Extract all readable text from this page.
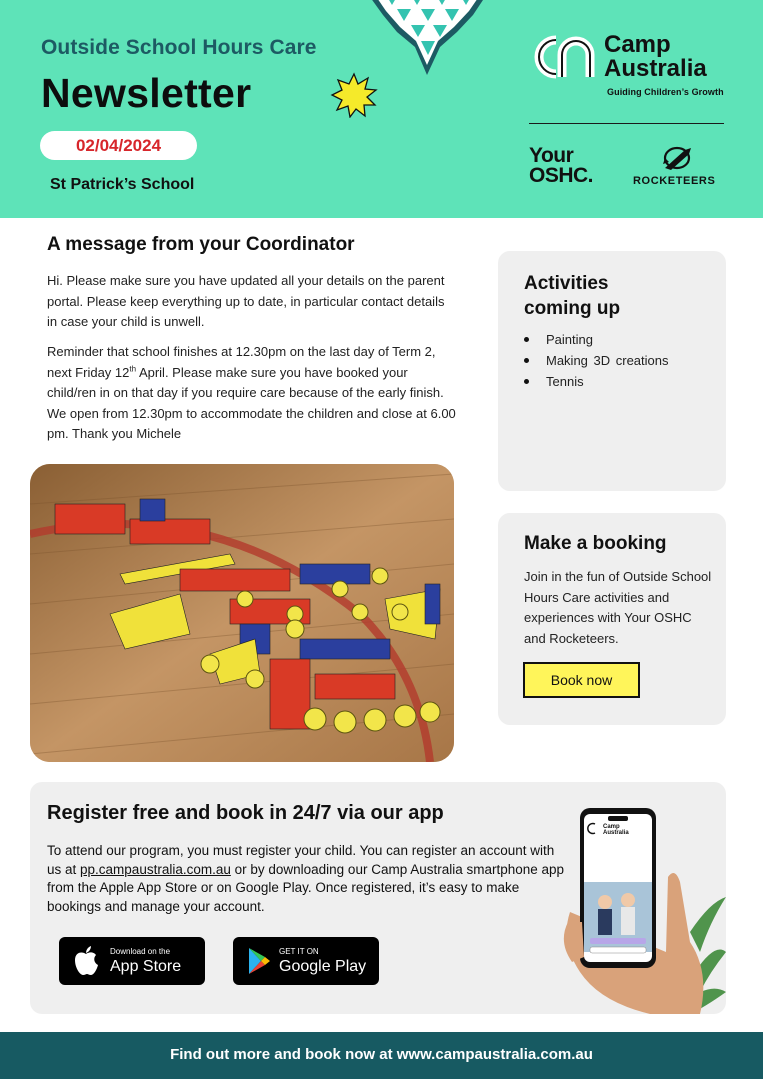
Outside School Hours Care
Newsletter
02/04/2024
St Patrick’s School
Camp
Australia
Guiding Children’s Growth
Your
OSHC.	ROCKETEERS
A message from your Coordinator

Hi. Please make sure you have updated all your details on the parent portal. Please keep everything up to date, in particular contact details in case your child is unwell.

Reminder that school finishes at 12.30pm on the last day of Term 2, next Friday 12th April. Please make sure you have booked your child/ren in on that day if you require care because of the early finish. We open from 12.30pm to accommodate the children and close at 6.00 pm. Thank you Michele

Activities
coming up
Painting
Making 3D creations
Tennis
Make a booking
Join in the fun of Outside School Hours Care activities and experiences with Your OSHC and Rocketeers.
Book now
Register free and book in 24/7 via our app

To attend our program, you must register your child. You can register an account with us at pp.campaustralia.com.au or by downloading our Camp Australia smartphone app from the Apple App Store or on Google Play. Once registered, it’s easy to make bookings and manage your account.

Download on the
App Store
GET IT ON
Google Play
Camp
Australia
Find out more and book now at www.campaustralia.com.au
